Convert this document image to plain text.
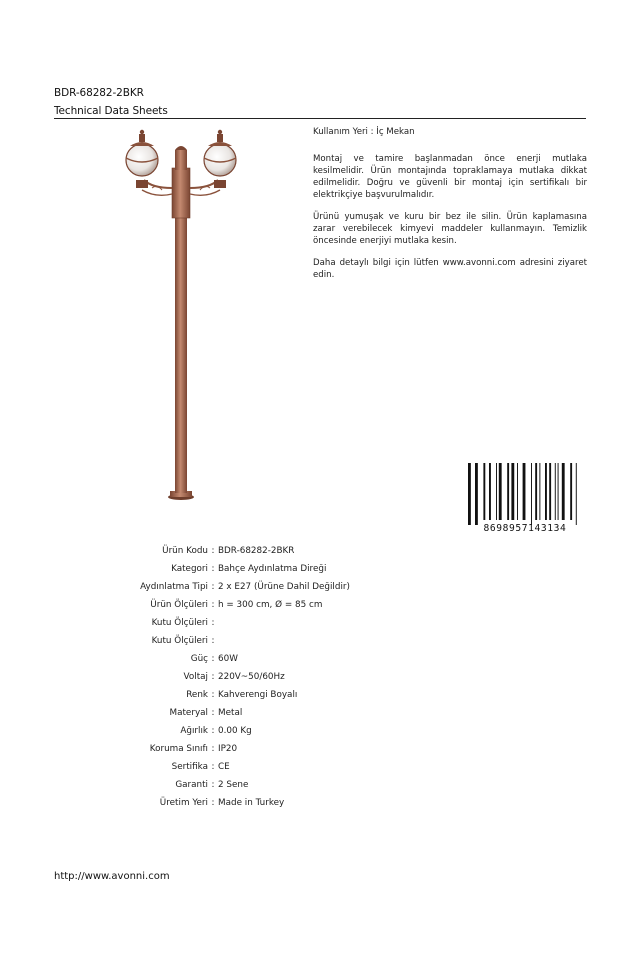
BDR-68282-2BKR
Technical Data Sheets

Kullanım Yeri : İç Mekan

Montaj ve tamire başlanmadan önce enerji mutlaka kesilmelidir. Ürün montajında topraklamaya mutlaka dikkat edilmelidir. Doğru ve güvenli bir montaj için sertifikalı bir elektrikçiye başvurulmalıdır.

Ürünü yumuşak ve kuru bir bez ile silin. Ürün kaplamasına zarar verebilecek kimyevi maddeler kullanmayın. Temizlik öncesinde enerjiyi mutlaka kesin.

Daha detaylı bilgi için lütfen www.avonni.com adresini ziyaret edin.

8698957143134
Ürün Kodu : BDR-68282-2BKR
Kategori : Bahçe Aydınlatma Direği
Aydınlatma Tipi : 2 x E27 (Ürüne Dahil Değildir)
Ürün Ölçüleri : h = 300 cm, Ø = 85 cm
Kutu Ölçüleri :
Kutu Ölçüleri :
Güç : 60W
Voltaj : 220V~50/60Hz
Renk : Kahverengi Boyalı
Materyal : Metal
Ağırlık : 0.00 Kg
Koruma Sınıfı : IP20
Sertifika : CE
Garanti : 2 Sene
Üretim Yeri : Made in Turkey
http://www.avonni.com
